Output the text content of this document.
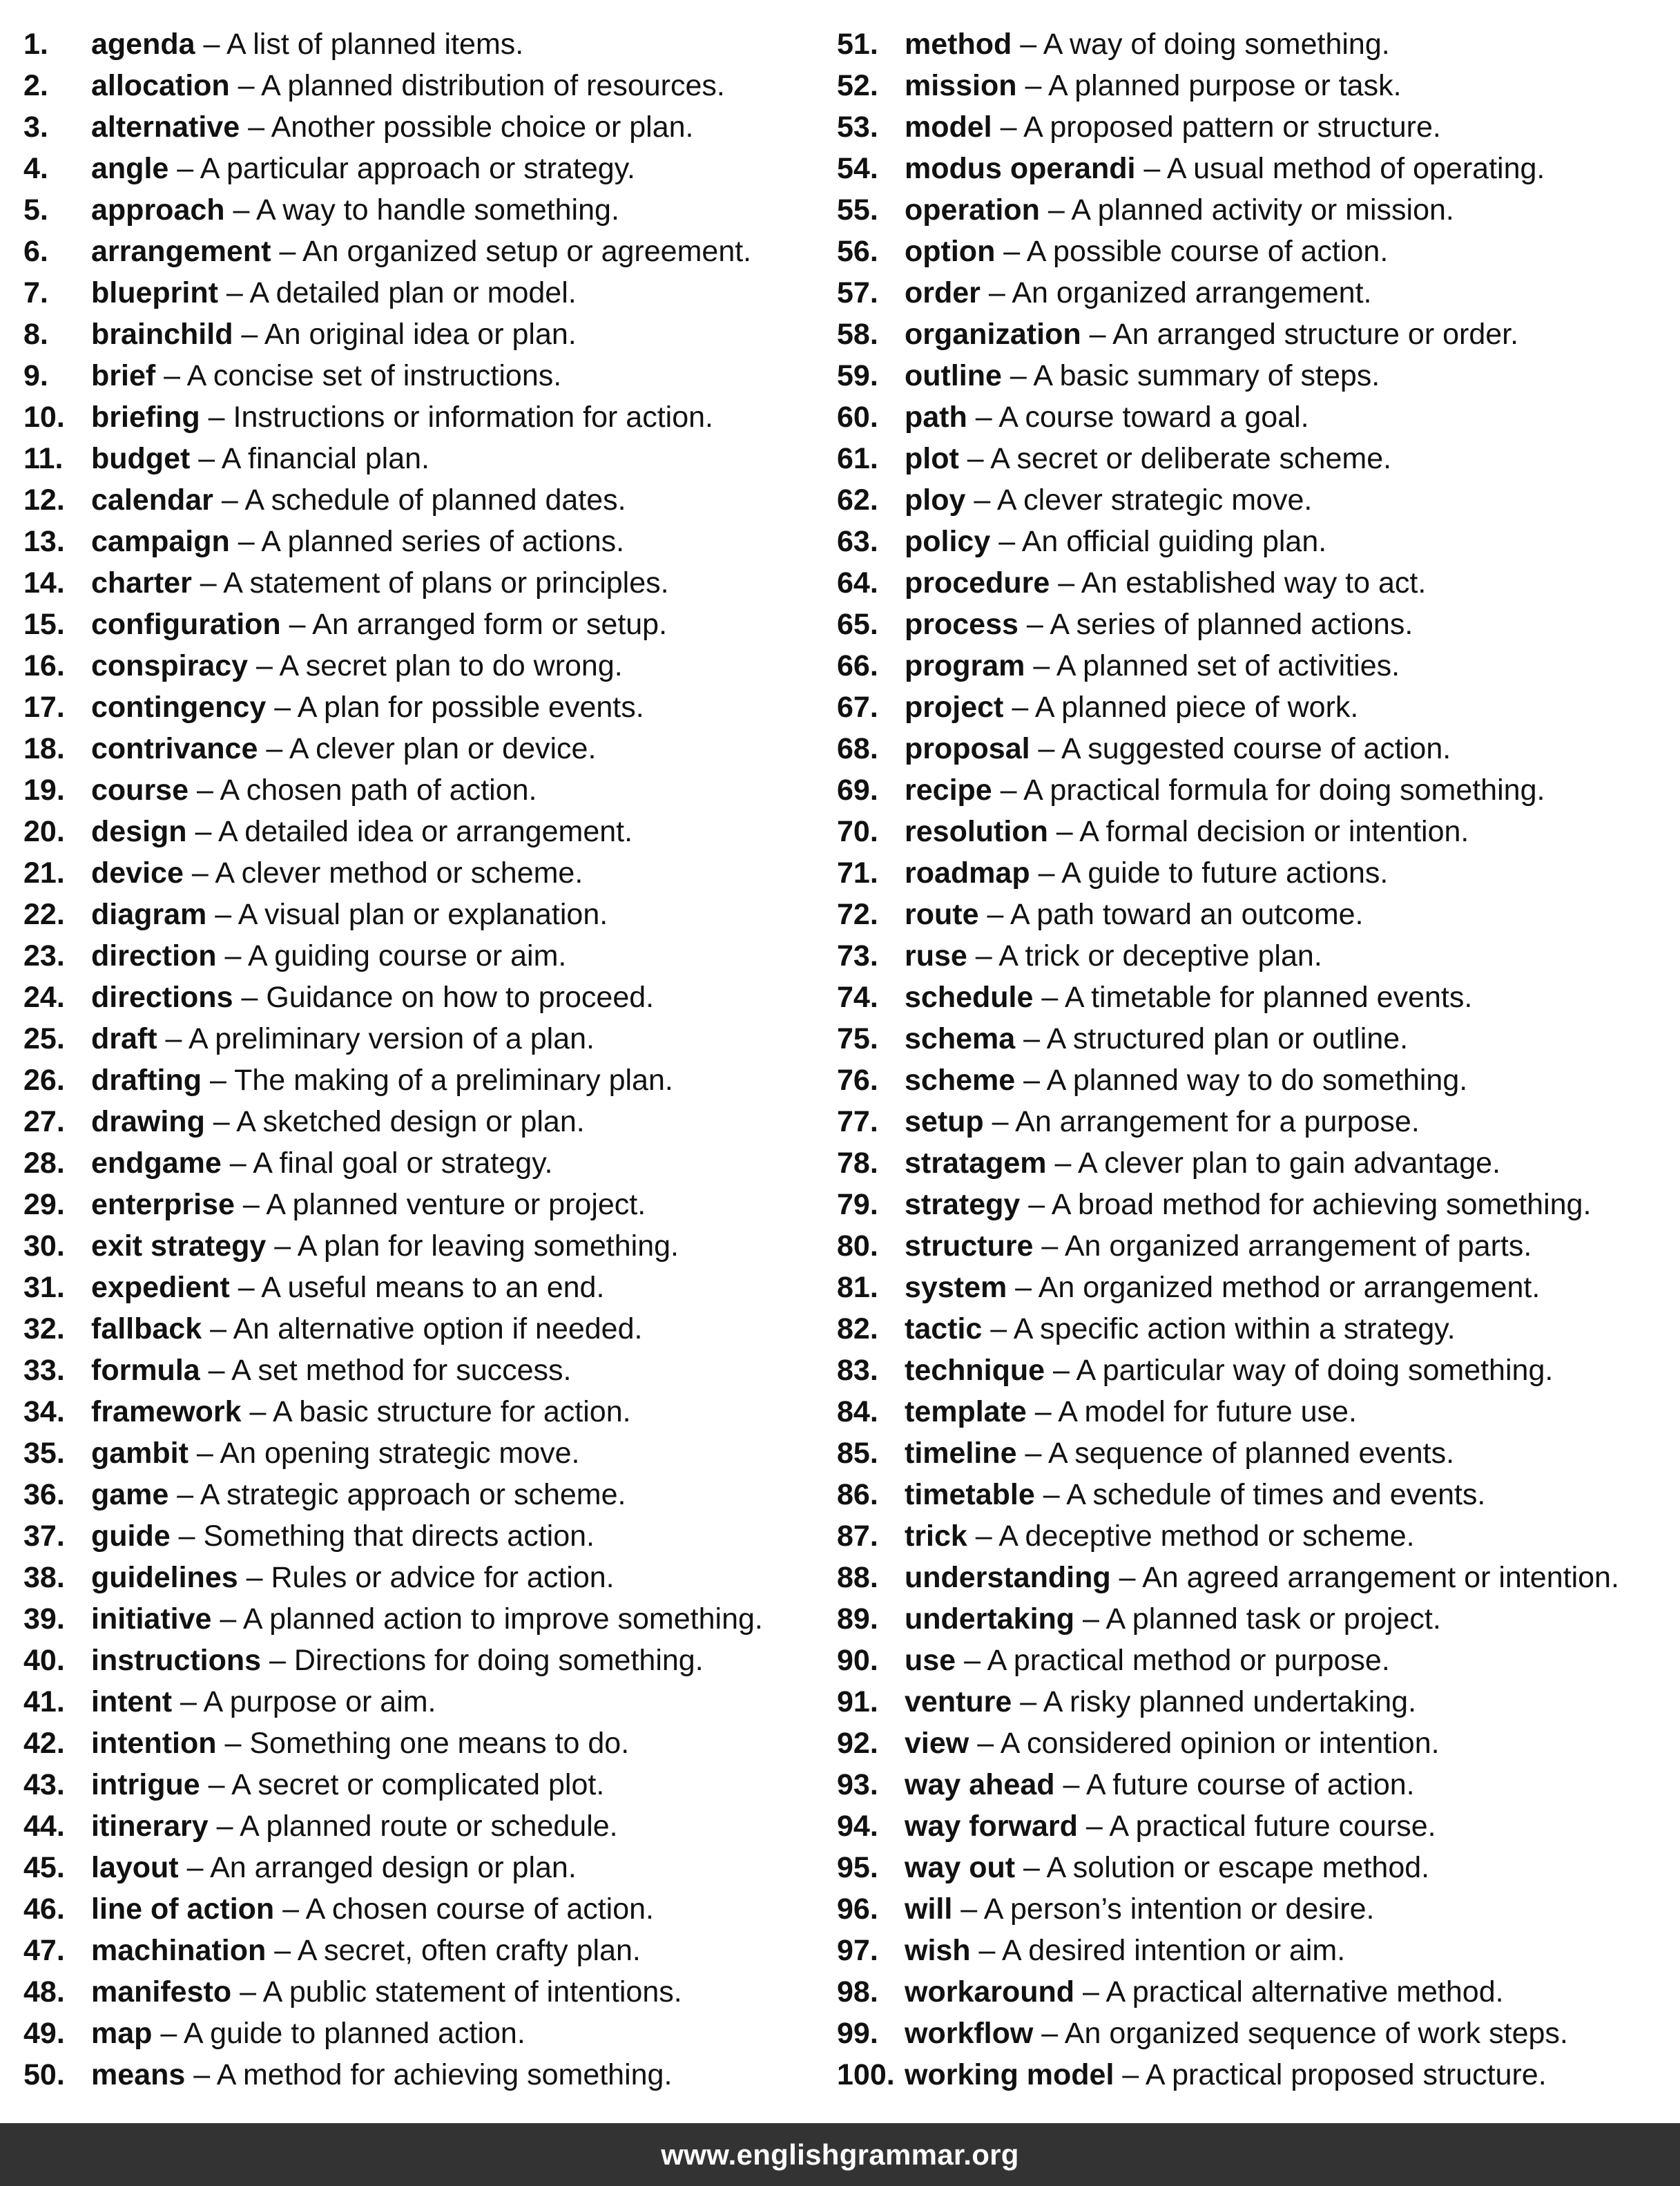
1. agenda – A list of planned items.
2. allocation – A planned distribution of resources.
3. alternative – Another possible choice or plan.
4. angle – A particular approach or strategy.
5. approach – A way to handle something.
6. arrangement – An organized setup or agreement.
7. blueprint – A detailed plan or model.
8. brainchild – An original idea or plan.
9. brief – A concise set of instructions.
10. briefing – Instructions or information for action.
11. budget – A financial plan.
12. calendar – A schedule of planned dates.
13. campaign – A planned series of actions.
14. charter – A statement of plans or principles.
15. configuration – An arranged form or setup.
16. conspiracy – A secret plan to do wrong.
17. contingency – A plan for possible events.
18. contrivance – A clever plan or device.
19. course – A chosen path of action.
20. design – A detailed idea or arrangement.
21. device – A clever method or scheme.
22. diagram – A visual plan or explanation.
23. direction – A guiding course or aim.
24. directions – Guidance on how to proceed.
25. draft – A preliminary version of a plan.
26. drafting – The making of a preliminary plan.
27. drawing – A sketched design or plan.
28. endgame – A final goal or strategy.
29. enterprise – A planned venture or project.
30. exit strategy – A plan for leaving something.
31. expedient – A useful means to an end.
32. fallback – An alternative option if needed.
33. formula – A set method for success.
34. framework – A basic structure for action.
35. gambit – An opening strategic move.
36. game – A strategic approach or scheme.
37. guide – Something that directs action.
38. guidelines – Rules or advice for action.
39. initiative – A planned action to improve something.
40. instructions – Directions for doing something.
41. intent – A purpose or aim.
42. intention – Something one means to do.
43. intrigue – A secret or complicated plot.
44. itinerary – A planned route or schedule.
45. layout – An arranged design or plan.
46. line of action – A chosen course of action.
47. machination – A secret, often crafty plan.
48. manifesto – A public statement of intentions.
49. map – A guide to planned action.
50. means – A method for achieving something.
51. method – A way of doing something.
52. mission – A planned purpose or task.
53. model – A proposed pattern or structure.
54. modus operandi – A usual method of operating.
55. operation – A planned activity or mission.
56. option – A possible course of action.
57. order – An organized arrangement.
58. organization – An arranged structure or order.
59. outline – A basic summary of steps.
60. path – A course toward a goal.
61. plot – A secret or deliberate scheme.
62. ploy – A clever strategic move.
63. policy – An official guiding plan.
64. procedure – An established way to act.
65. process – A series of planned actions.
66. program – A planned set of activities.
67. project – A planned piece of work.
68. proposal – A suggested course of action.
69. recipe – A practical formula for doing something.
70. resolution – A formal decision or intention.
71. roadmap – A guide to future actions.
72. route – A path toward an outcome.
73. ruse – A trick or deceptive plan.
74. schedule – A timetable for planned events.
75. schema – A structured plan or outline.
76. scheme – A planned way to do something.
77. setup – An arrangement for a purpose.
78. stratagem – A clever plan to gain advantage.
79. strategy – A broad method for achieving something.
80. structure – An organized arrangement of parts.
81. system – An organized method or arrangement.
82. tactic – A specific action within a strategy.
83. technique – A particular way of doing something.
84. template – A model for future use.
85. timeline – A sequence of planned events.
86. timetable – A schedule of times and events.
87. trick – A deceptive method or scheme.
88. understanding – An agreed arrangement or intention.
89. undertaking – A planned task or project.
90. use – A practical method or purpose.
91. venture – A risky planned undertaking.
92. view – A considered opinion or intention.
93. way ahead – A future course of action.
94. way forward – A practical future course.
95. way out – A solution or escape method.
96. will – A person’s intention or desire.
97. wish – A desired intention or aim.
98. workaround – A practical alternative method.
99. workflow – An organized sequence of work steps.
100. working model – A practical proposed structure.
www.englishgrammar.org
